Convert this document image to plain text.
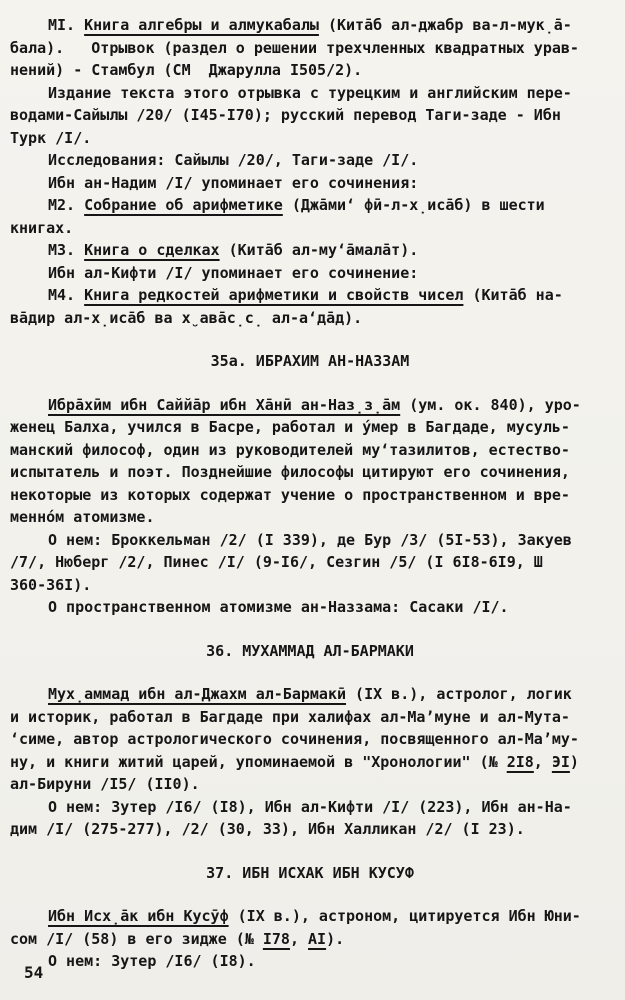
МI. Книга алгебры и алмукабалы (Кита̄б ал-джабр ва-л-мук̣а̄-
бала).   Отрывок (раздел о решении трехчленных квадратных урав-
нений) - Стамбул (СМ  Джарулла I505/2).
Издание текста этого отрывка с турецким и английским пере-
водами-Сайылы /20/ (I45-I70); русский перевод Таги-заде - Ибн
Турк /I/.
Исследования: Сайылы /20/, Таги-заде /I/.
Ибн ан-Надим /I/ упоминает его сочинения:
М2. Собрание об арифметике (Джа̄ми‘ фӣ-л-х̣иса̄б) в шести
книгах.
М3. Книга о сделках (Кита̄б ал-му‘а̄мала̄т).
Ибн ал-Кифти /I/ упоминает его сочинение:
М4. Книга редкостей арифметики и свойств чисел (Кита̄б на-
ва̄дир ал-х̣иса̄б ва х̮ава̄с̣с̣ ал-а‘да̄д).
35а. ИБРАХИМ АН-НАЗЗАМ
Ибра̄хӣм ибн Саййа̄р ибн Ха̄нӣ ан-Наз̣з̣а̄м (ум. ок. 840), уро-
женец Балха, учился в Басре, работал и у́мер в Багдаде, мусуль-
манский философ, один из руководителей му‘тазилитов, естество-
испытатель и поэт. Позднейшие философы цитируют его сочинения,
некоторые из которых содержат учение о пространственном и вре-
менно́м атомизме.
О нем: Броккельман /2/ (I 339), де Бур /3/ (5I-53), Закуев
/7/, Нюберг /2/, Пинес /I/ (9-I6/, Сезгин /5/ (I 6I8-6I9, Ш
360-36I).
О пространственном атомизме ан-Наззама: Сасаки /I/.
36. МУХАММАД АЛ-БАРМАКИ
Мух̣аммад ибн ал-Джахм ал-Бармакӣ (IX в.), астролог, логик
и историк, работал в Багдаде при халифах ал-Ма’муне и ал-Мута-
‘симе, автор астрологического сочинения, посвященного ал-Ма’му-
ну, и книги житий царей, упоминаемой в "Хронологии" (№ 2I8, ЭI)
ал-Бируни /I5/ (II0).
О нем: Зутер /I6/ (I8), Ибн ал-Кифти /I/ (223), Ибн ан-На-
дим /I/ (275-277), /2/ (30, 33), Ибн Халликан /2/ (I 23).
37. ИБН ИСХАК ИБН КУСУФ
Ибн Исх̣а̄к ибн Кусӯф (IX в.), астроном, цитируется Ибн Юни-
сом /I/ (58) в его зидже (№ I78, АI).
О нем: Зутер /I6/ (I8).
54
